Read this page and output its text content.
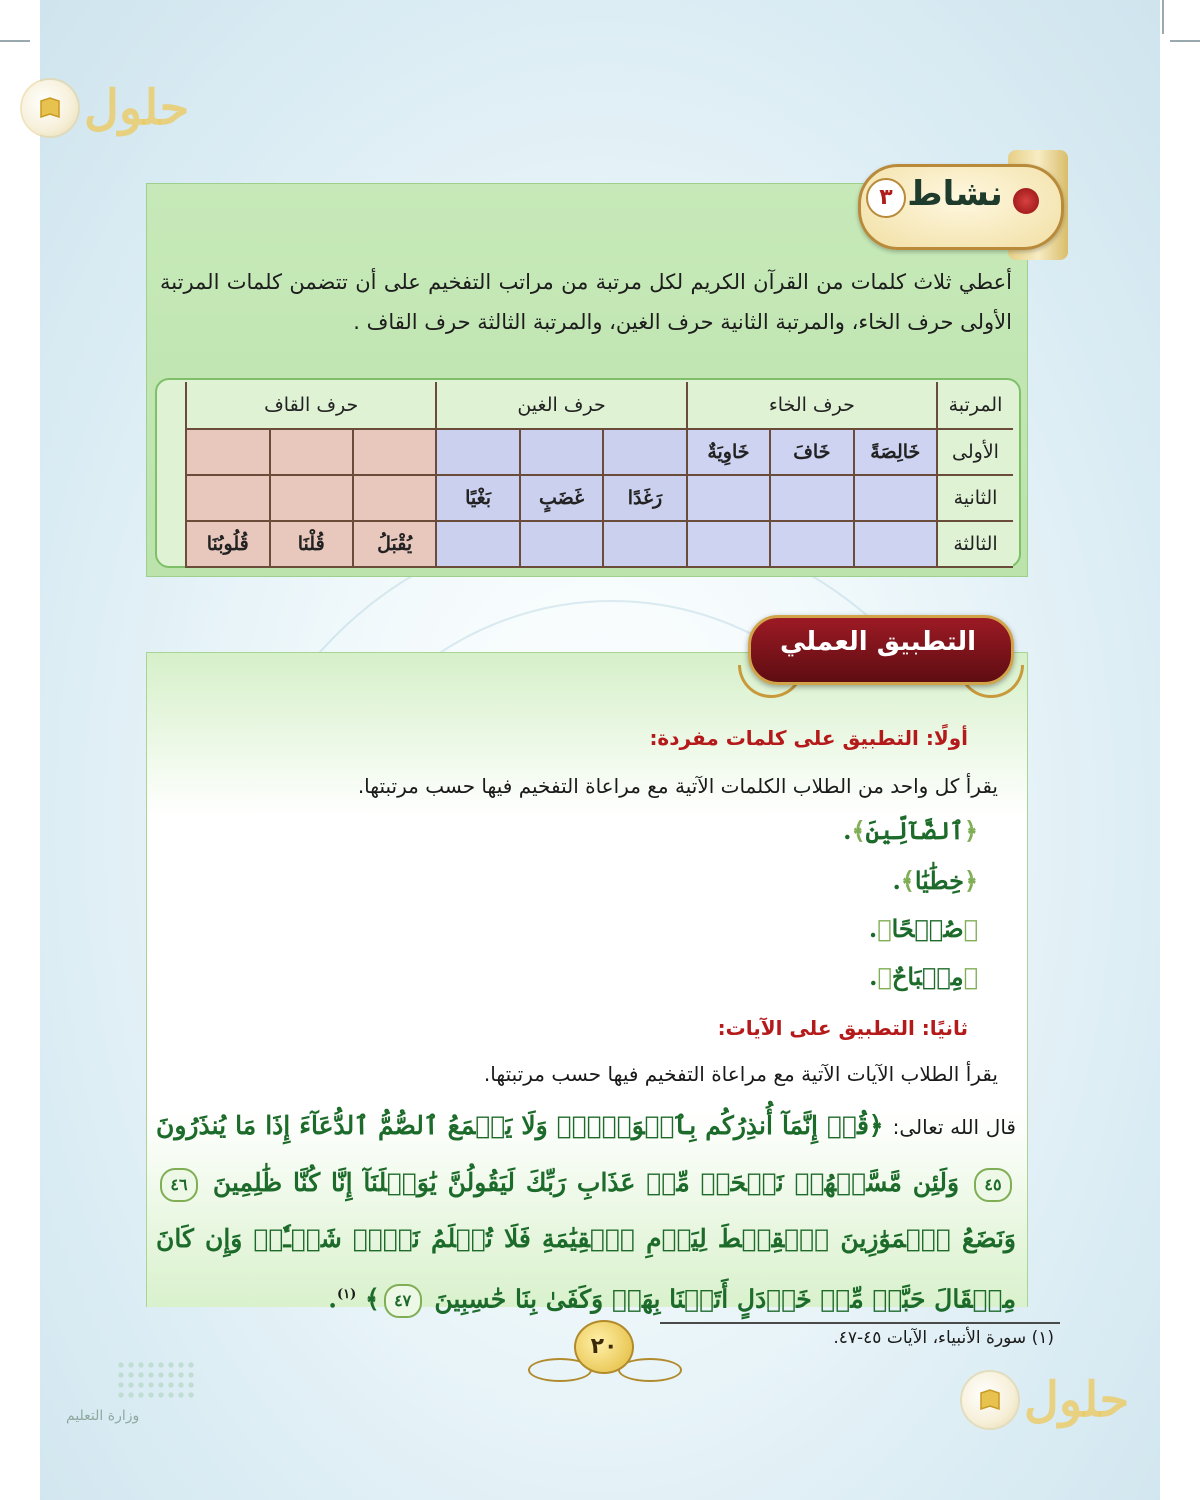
حلول
حلول
نشاط
٣
أعطي ثلاث كلمات من القرآن الكريم لكل مرتبة من مراتب التفخيم على أن تتضمن كلمات المرتبة الأولى حرف الخاء، والمرتبة الثانية حرف الغين، والمرتبة الثالثة حرف القاف .
المرتبة	حرف الخاء			حرف الغين			حرف القاف		
الأولى	خَالِصَةً	خَافَ	خَاوِيَةٌ						
الثانية				رَغَدًا	غَضَبٍ	بَغْيًا			
الثالثة							يُقْبَلُ	قُلْنَا	قُلُوبُنَا
التطبيق العملي
أولًا: التطبيق على كلمات مفردة:
يقرأ كل واحد من الطلاب الكلمات الآتية مع مراعاة التفخيم فيها حسب مرتبتها.
﴿ٱلضَّآلِّينَ﴾.
﴿خِطَٰيَٰا﴾.
﴿صُبۡحًا﴾.
﴿مِصۡبَاحٌ﴾.
ثانيًا: التطبيق على الآيات:
يقرأ الطلاب الآيات الآتية مع مراعاة التفخيم فيها حسب مرتبتها.
قال الله تعالى: ﴿قُلۡ إِنَّمَآ أُنذِرُكُم بِٱلۡوَحۡيِۚ وَلَا يَسۡمَعُ ٱلصُّمُّ ٱلدُّعَآءَ إِذَا مَا يُنذَرُونَ ٤٥ وَلَئِن مَّسَّتۡهُمۡ نَفۡحَةٞ مِّنۡ عَذَابِ رَبِّكَ لَيَقُولُنَّ يَٰوَيۡلَنَآ إِنَّا كُنَّا ظَٰلِمِينَ ٤٦ وَنَضَعُ ٱلۡمَوَٰزِينَ ٱلۡقِسۡطَ لِيَوۡمِ ٱلۡقِيَٰمَةِ فَلَا تُظۡلَمُ نَفۡسٞ شَيۡـٔٗاۖ وَإِن كَانَ مِثۡقَالَ حَبَّةٖ مِّنۡ خَرۡدَلٍ أَتَيۡنَا بِهَاۗ وَكَفَىٰ بِنَا حَٰسِبِينَ ٤٧﴾ $^{(١)}$.
(١) سورة الأنبياء، الآيات ٤٥-٤٧.
٢٠
وزارة التعليم
